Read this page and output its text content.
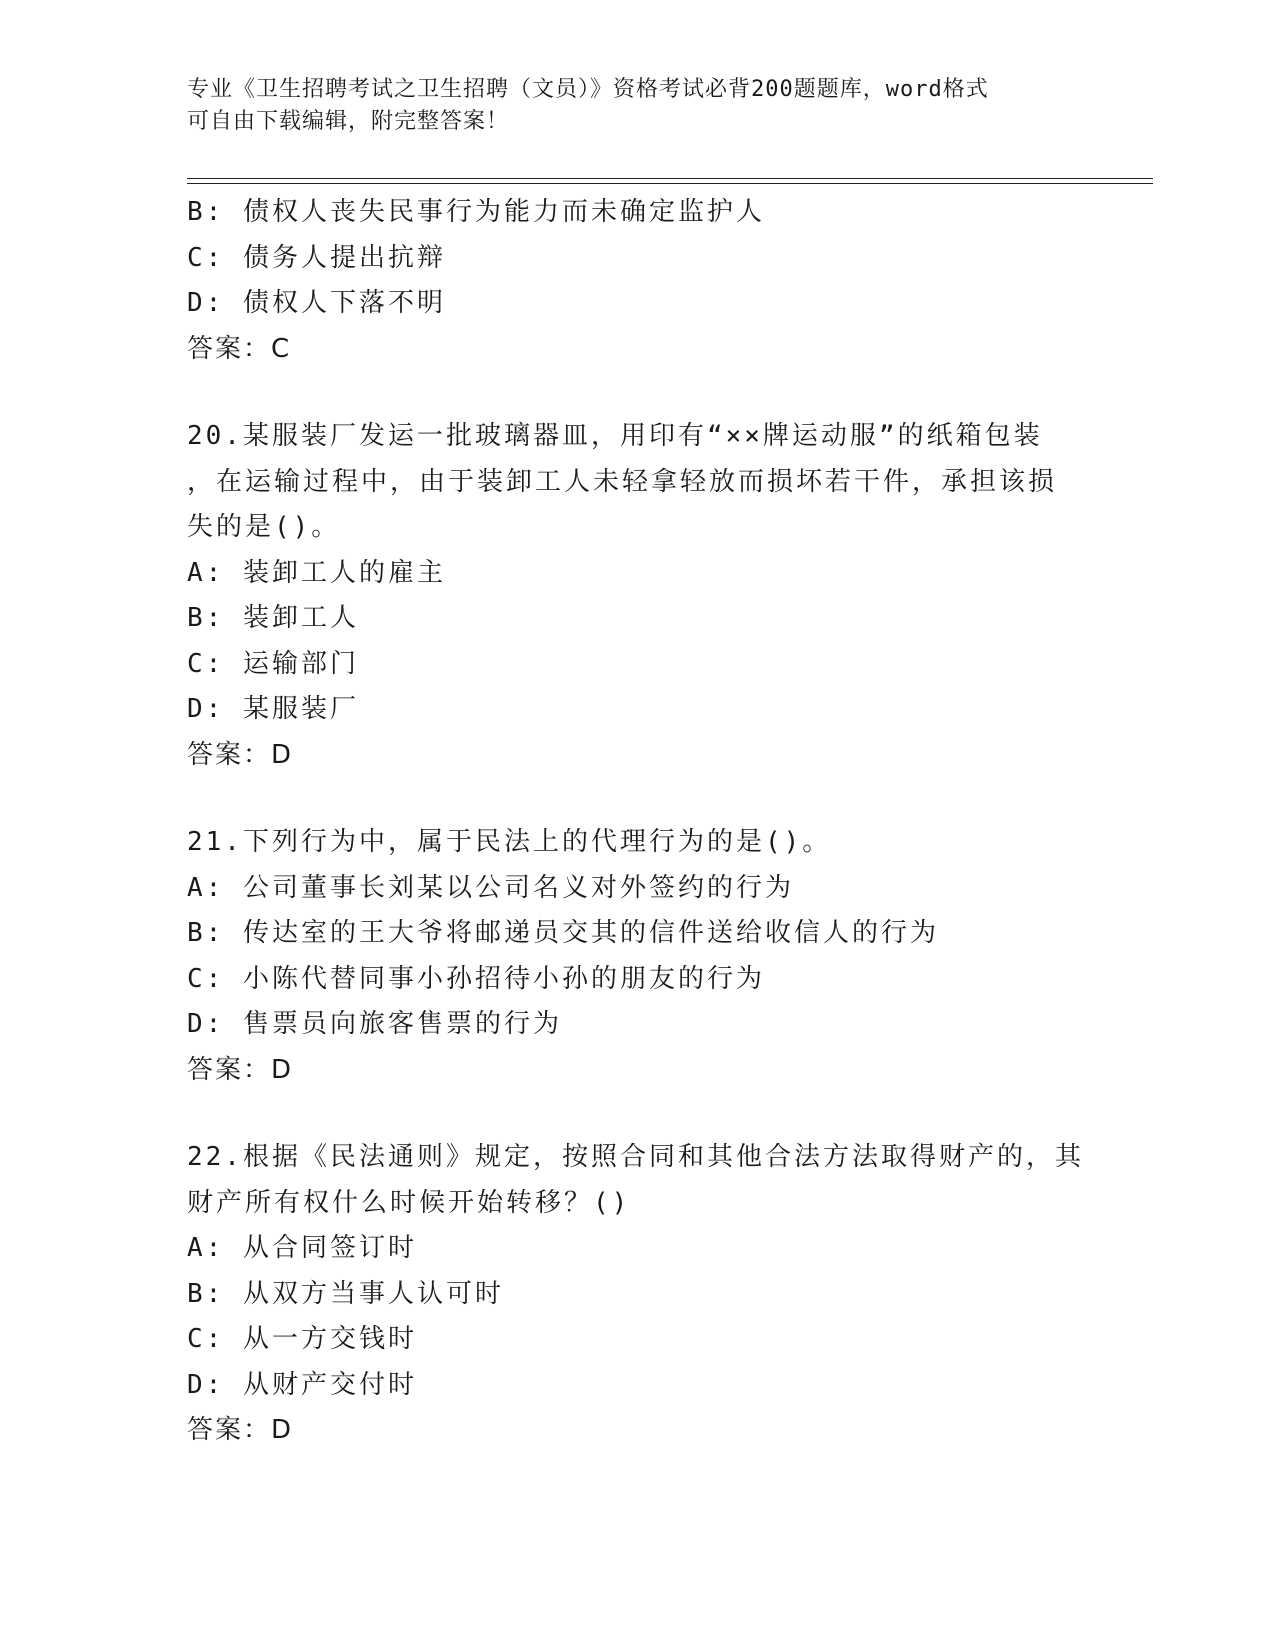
专业《卫生招聘考试之卫生招聘（文员）》资格考试必背200题题库，word格式
可自由下载编辑，附完整答案！
B: 债权人丧失民事行为能力而未确定监护人
C: 债务人提出抗辩
D: 债权人下落不明
答案：C
20.某服装厂发运一批玻璃器皿，用印有“××牌运动服”的纸箱包装
，在运输过程中，由于装卸工人未轻拿轻放而损坏若干件，承担该损
失的是()。
A: 装卸工人的雇主
B: 装卸工人
C: 运输部门
D: 某服装厂
答案：D
21.下列行为中，属于民法上的代理行为的是()。
A: 公司董事长刘某以公司名义对外签约的行为
B: 传达室的王大爷将邮递员交其的信件送给收信人的行为
C: 小陈代替同事小孙招待小孙的朋友的行为
D: 售票员向旅客售票的行为
答案：D
22.根据《民法通则》规定，按照合同和其他合法方法取得财产的，其
财产所有权什么时候开始转移？()
A: 从合同签订时
B: 从双方当事人认可时
C: 从一方交钱时
D: 从财产交付时
答案：D
